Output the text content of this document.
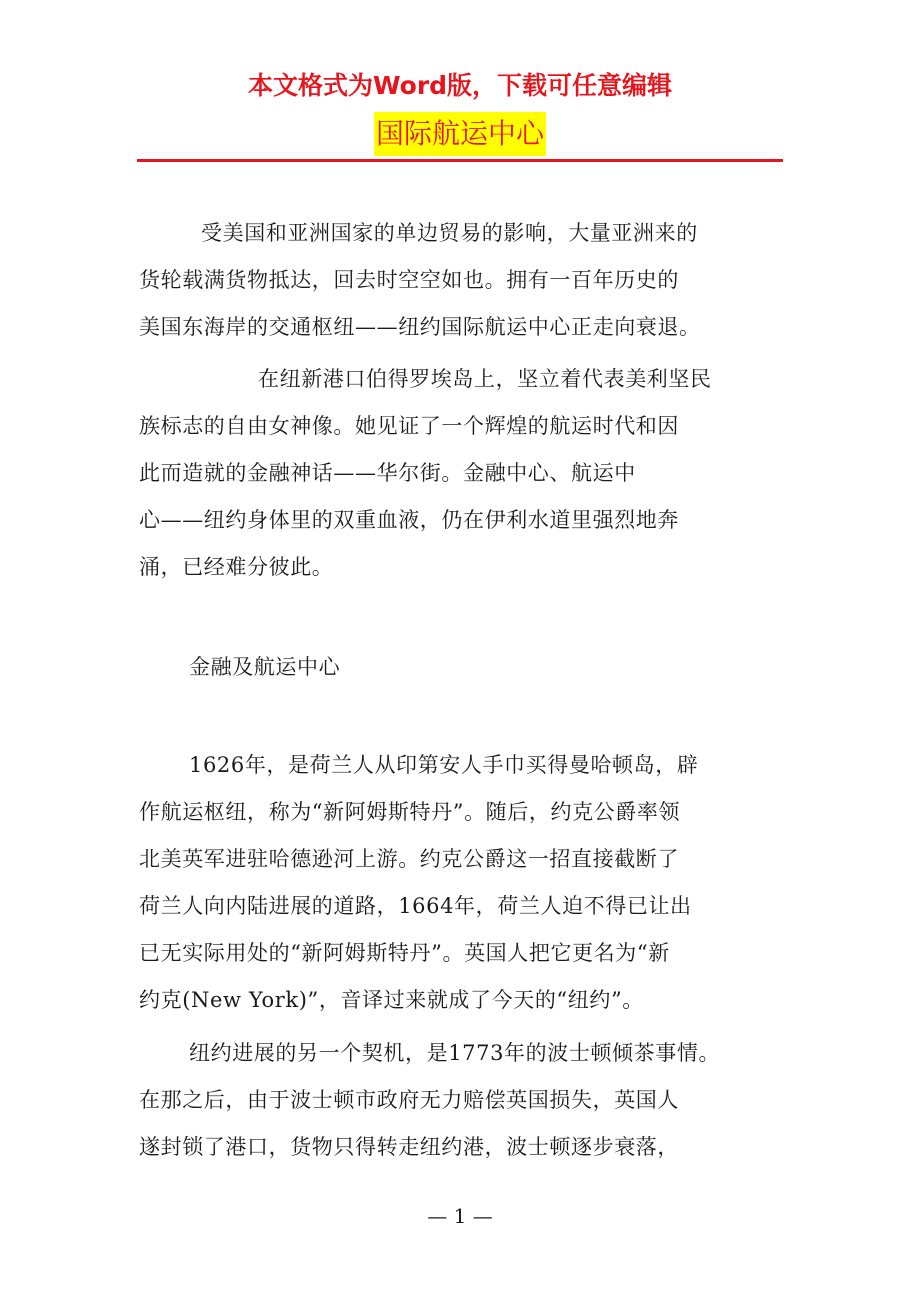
本文格式为Word版，下载可任意编辑
国际航运中心
受美国和亚洲国家的单边贸易的影响，大量亚洲来的
货轮载满货物抵达，回去时空空如也。拥有一百年历史的
美国东海岸的交通枢纽——纽约国际航运中心正走向衰退。
在纽新港口伯得罗埃岛上，坚立着代表美利坚民
族标志的自由女神像。她见证了一个辉煌的航运时代和因
此而造就的金融神话——华尔街。金融中心、航运中
心——纽约身体里的双重血液，仍在伊利水道里强烈地奔
涌，已经难分彼此。
金融及航运中心
1626年，是荷兰人从印第安人手巾买得曼哈顿岛，辟
作航运枢纽，称为“新阿姆斯特丹”。随后，约克公爵率领
北美英军进驻哈德逊河上游。约克公爵这一招直接截断了
荷兰人向内陆进展的道路，1664年，荷兰人迫不得已让出
已无实际用处的“新阿姆斯特丹”。英国人把它更名为“新
约克(New York)”，音译过来就成了今天的“纽约”。
纽约进展的另一个契机，是1773年的波士顿倾茶事情。
在那之后，由于波士顿市政府无力赔偿英国损失，英国人
遂封锁了港口，货物只得转走纽约港，波士顿逐步衰落，
— 1 —
